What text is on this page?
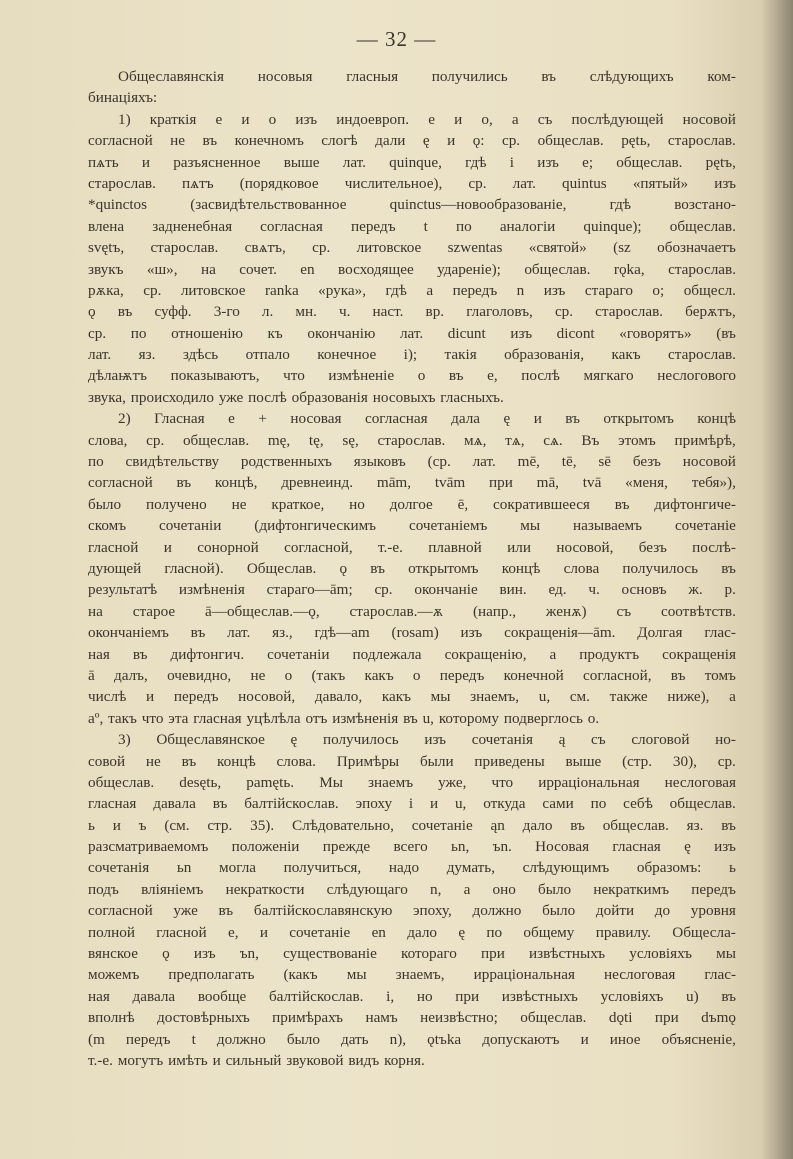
— 32 —
Общеславянскія носовыя гласныя получились въ слѣдующихъ ком-
бинаціяхъ:
1) краткія e и o изъ индоевроп. e и o, а съ послѣдующей носовой
согласной не въ конечномъ слогѣ дали ę и ǫ: ср. общеслав. pętь, старослав.
пѧть и разъясненное выше лат. quinque, гдѣ i изъ e; общеслав. pętъ,
старослав. пѧтъ (порядковое числительное), ср. лат. quintus «пятый» изъ
*quinctos	(засвидѣтельствованное	quinctus—новообразованіе,	гдѣ	возстано-
влена задненебная согласная передъ t по аналогіи quinque); общеслав.
svętъ, старослав. свѧтъ, ср. литовское szwentas «святой» (sz обозначаетъ
звукъ «ш», на сочет. en восходящее удареніе); общеслав. rǫka, старослав.
рѫка, ср. литовское ranka «рука», гдѣ a передъ n изъ стараго o; общесл.
ǫ въ суфф. 3-го л. мн. ч. наст. вр. глаголовъ, ср. старослав. берѫтъ,
ср. по отношенію къ окончанію лат. dicunt изъ dicont «говорятъ» (въ
лат. яз. здѣсь отпало конечное i); такія образованія, какъ старослав.
дѣлаѭтъ показываютъ, что измѣненіе o въ e, послѣ мягкаго неслогового
звука, происходило уже послѣ образованія носовыхъ гласныхъ.
2) Гласная e + носовая согласная дала ę и въ открытомъ концѣ
слова, ср. общеслав. mę, tę, sę, старослав. мѧ, тѧ, сѧ. Въ этомъ примѣрѣ,
по свидѣтельству родственныхъ языковъ (ср. лат. mē, tē, sē безъ носовой
согласной въ концѣ, древнеинд. mām, tvām при mā, tvā «меня, тебя»),
было получено не краткое, но долгое ē, сократившееся въ дифтонгиче-
скомъ сочетаніи (дифтонгическимъ сочетаніемъ мы называемъ сочетаніе
гласной и сонорной согласной, т.-е. плавной или носовой, безъ послѣ-
дующей гласной). Общеслав. ǫ въ открытомъ концѣ слова получилось въ
результатѣ измѣненія стараго—ām; ср. окончаніе вин. ед. ч. основъ ж. р.
на старое ā—общеслав.—ǫ, старослав.—ѫ (напр., женѫ) съ соотвѣтств.
окончаніемъ въ лат. яз., гдѣ—am (rosam) изъ сокращенія—ām. Долгая глас-
ная въ дифтонгич. сочетаніи подлежала сокращенію, а продуктъ сокращенія
ā далъ, очевидно, не o (такъ какъ o передъ конечной согласной, въ томъ
числѣ и передъ носовой, давало, какъ мы знаемъ, u, см. также ниже), а
aº, такъ что эта гласная уцѣлѣла отъ измѣненія въ u, которому подверглось o.
3) Общеславянское ę получилось изъ сочетанія ą съ слоговой но-
совой не въ концѣ слова. Примѣры были приведены выше (стр. 30), ср.
общеслав. desętь, pamętь. Мы знаемъ уже, что ирраціональная неслоговая
гласная давала въ балтійскослав. эпоху i и u, откуда сами по себѣ общеслав.
ь и ъ (см. стр. 35). Слѣдовательно, сочетаніе ąn дало въ общеслав. яз. въ
разсматриваемомъ положеніи прежде всего ьn, ъn. Носовая гласная ę изъ
сочетанія ьn могла получиться, надо думать, слѣдующимъ образомъ: ь
подъ вліяніемъ некраткости слѣдующаго n, а оно было некраткимъ передъ
согласной уже въ балтійскославянскую эпоху, должно было дойти до уровня
полной гласной e, и сочетаніе en дало ę по общему правилу. Общесла-
вянское ǫ изъ ъn, существованіе котораго при извѣстныхъ условіяхъ мы
можемъ предполагать (какъ мы знаемъ, ирраціональная неслоговая глас-
ная давала вообще балтійскослав. i, но при извѣстныхъ условіяхъ u) въ
вполнѣ достовѣрныхъ примѣрахъ намъ неизвѣстно; общеслав. dǫti при dъmǫ
(m передъ t должно было дать n), ǫtъka допускаютъ и иное объясненіе,
т.-е. могутъ имѣть и сильный звуковой видъ корня.
